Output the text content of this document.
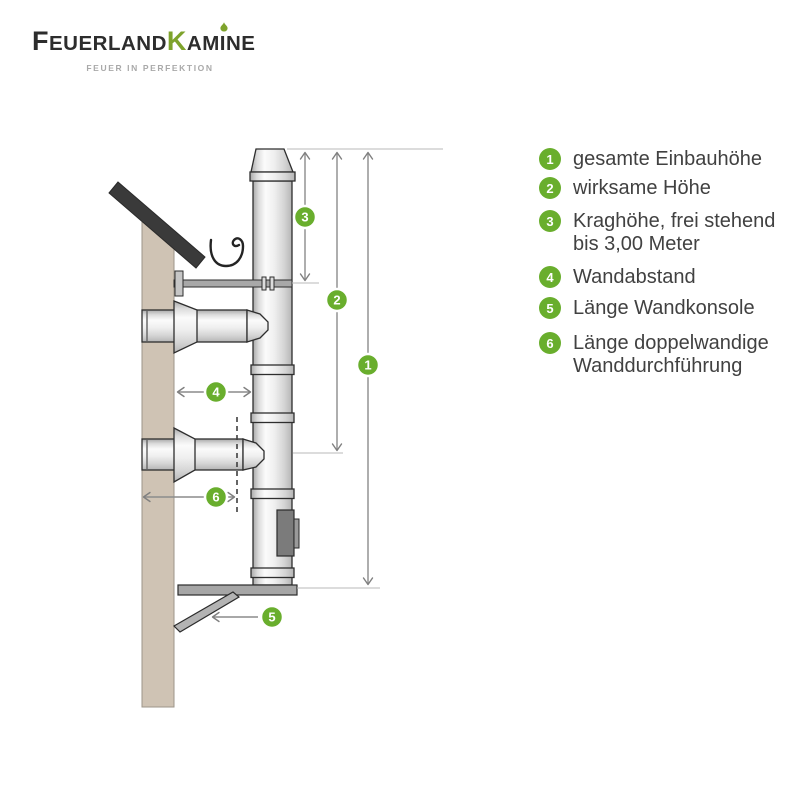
FEUERLANDKAMINE
FEUER IN PERFEKTION
1
2
3
4
5
6
1 gesamte Einbauhöhe
2 wirksame Höhe
3 Kraghöhe, frei stehend
bis 3,00 Meter
4 Wandabstand
5 Länge Wandkonsole
6 Länge doppelwandige
Wanddurchführung
